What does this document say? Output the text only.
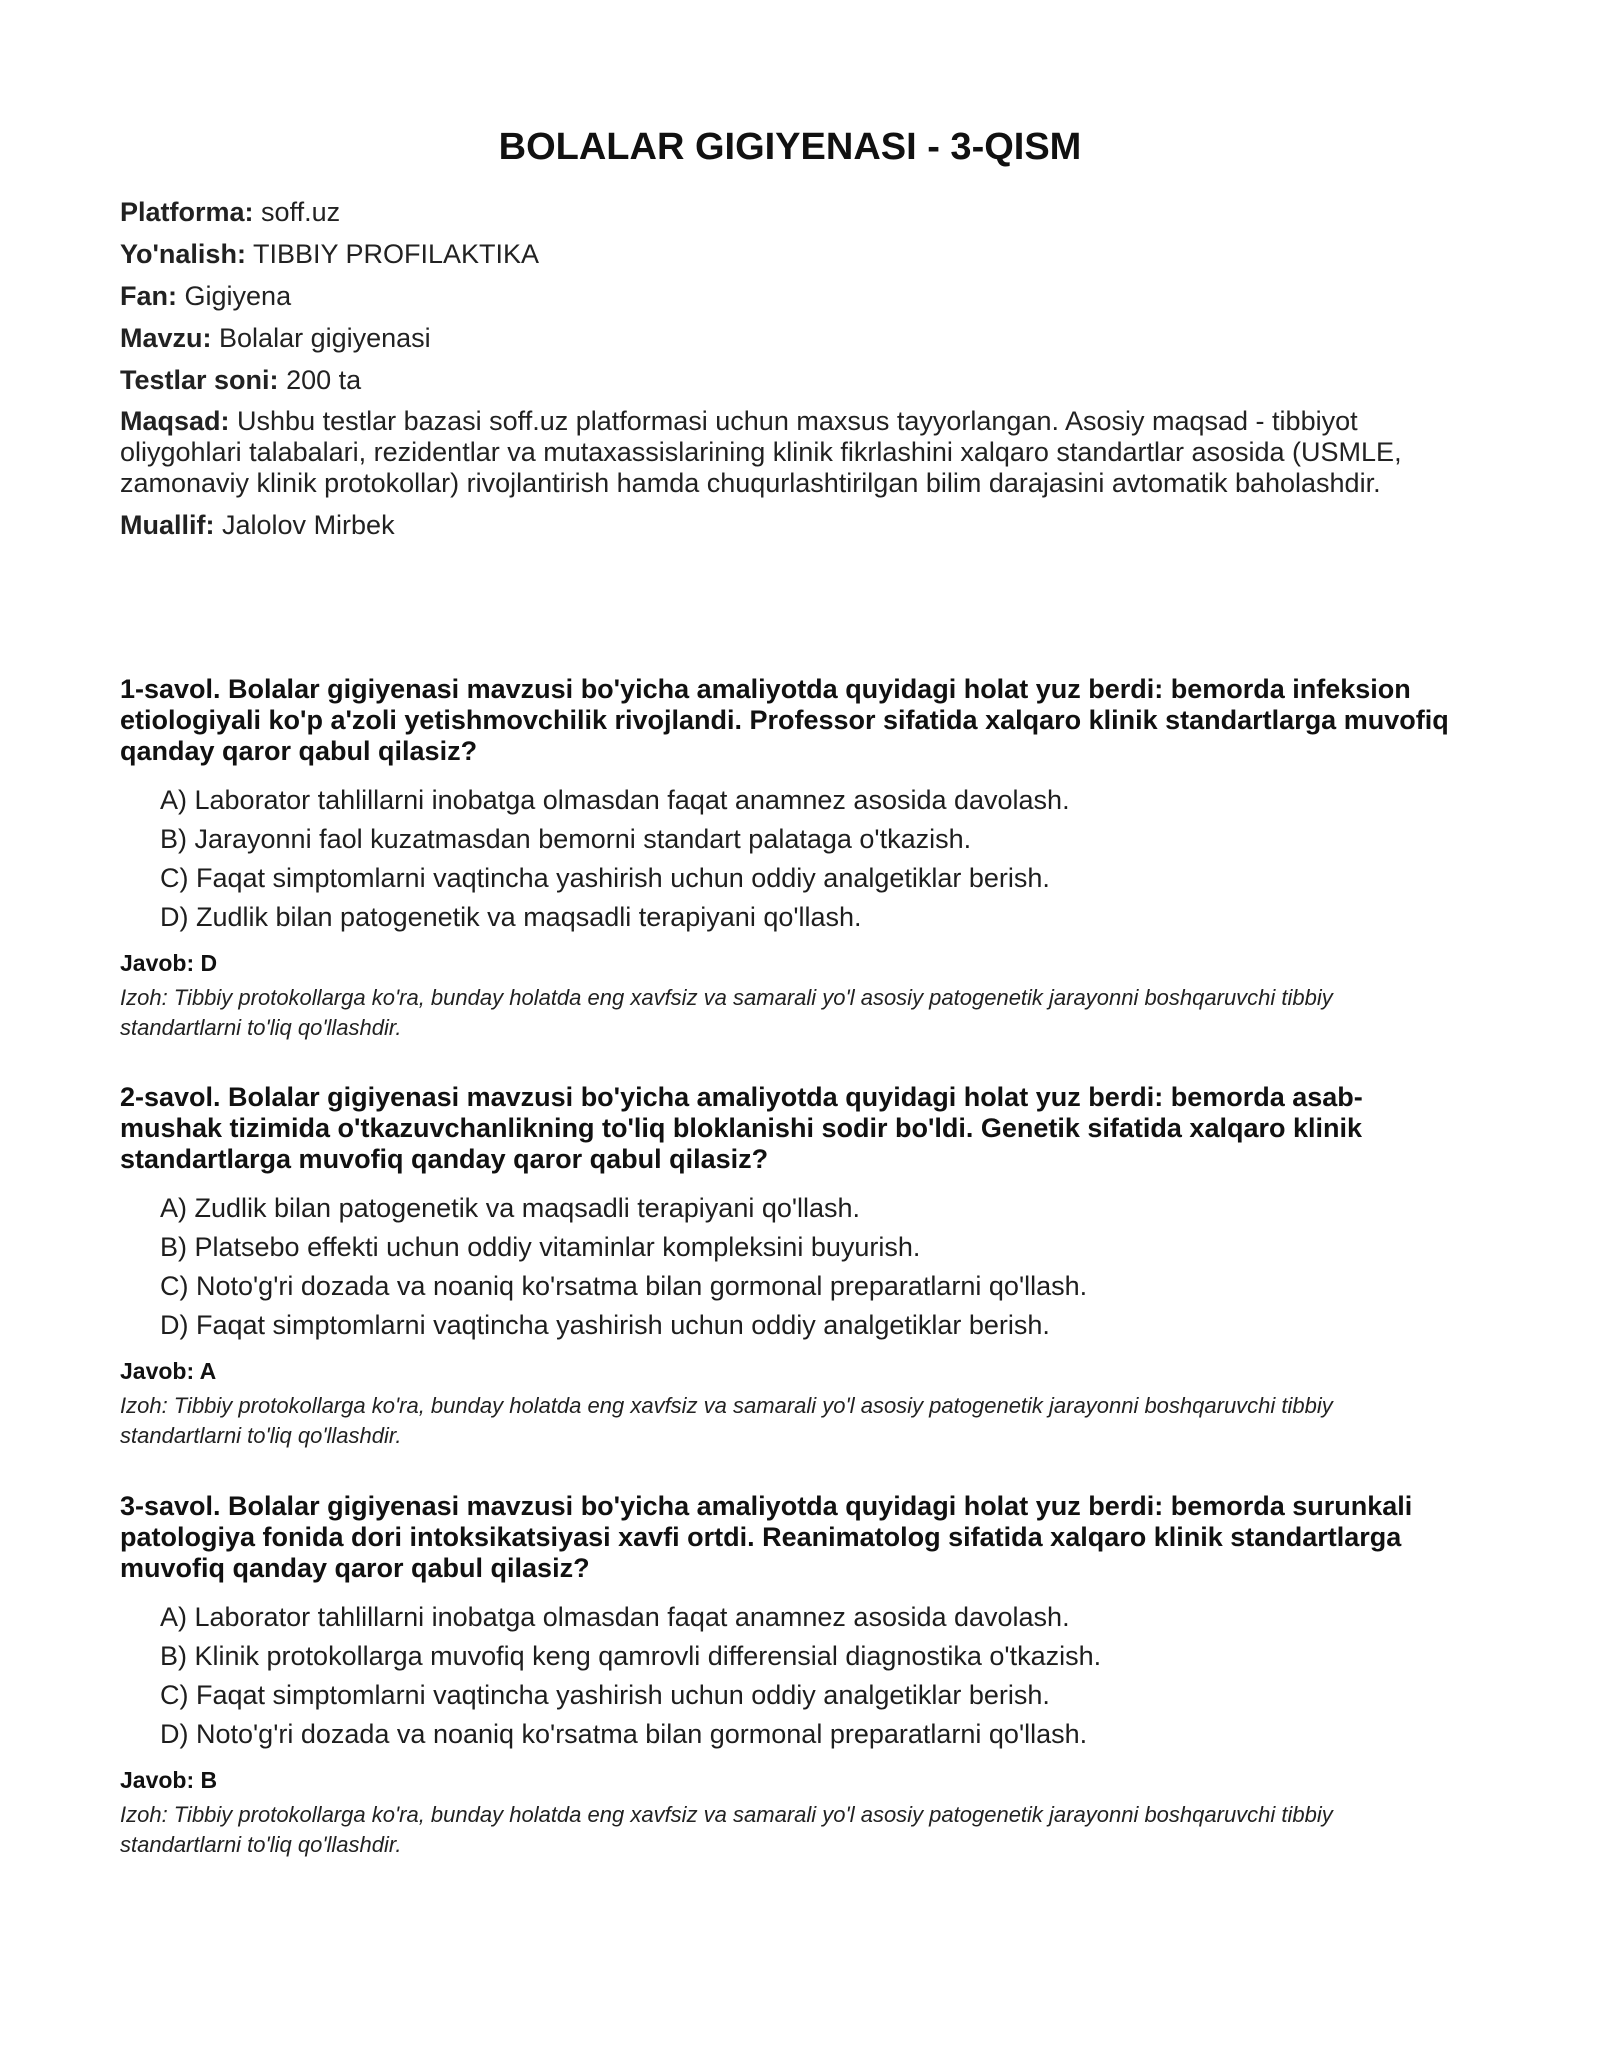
BOLALAR GIGIYENASI - 3-QISM
Platforma: soff.uz
Yo'nalish: TIBBIY PROFILAKTIKA
Fan: Gigiyena
Mavzu: Bolalar gigiyenasi
Testlar soni: 200 ta
Maqsad: Ushbu testlar bazasi soff.uz platformasi uchun maxsus tayyorlangan. Asosiy maqsad - tibbiyot oliygohlari talabalari, rezidentlar va mutaxassislarining klinik fikrlashini xalqaro standartlar asosida (USMLE, zamonaviy klinik protokollar) rivojlantirish hamda chuqurlashtirilgan bilim darajasini avtomatik baholashdir.
Muallif: Jalolov Mirbek
1-savol. Bolalar gigiyenasi mavzusi bo'yicha amaliyotda quyidagi holat yuz berdi: bemorda infeksion etiologiyali ko'p a'zoli yetishmovchilik rivojlandi. Professor sifatida xalqaro klinik standartlarga muvofiq qanday qaror qabul qilasiz?
A) Laborator tahlillarni inobatga olmasdan faqat anamnez asosida davolash.
B) Jarayonni faol kuzatmasdan bemorni standart palataga o'tkazish.
C) Faqat simptomlarni vaqtincha yashirish uchun oddiy analgetiklar berish.
D) Zudlik bilan patogenetik va maqsadli terapiyani qo'llash.
Javob: D
Izoh: Tibbiy protokollarga ko'ra, bunday holatda eng xavfsiz va samarali yo'l asosiy patogenetik jarayonni boshqaruvchi tibbiy standartlarni to'liq qo'llashdir.
2-savol. Bolalar gigiyenasi mavzusi bo'yicha amaliyotda quyidagi holat yuz berdi: bemorda asab-mushak tizimida o'tkazuvchanlikning to'liq bloklanishi sodir bo'ldi. Genetik sifatida xalqaro klinik standartlarga muvofiq qanday qaror qabul qilasiz?
A) Zudlik bilan patogenetik va maqsadli terapiyani qo'llash.
B) Platsebo effekti uchun oddiy vitaminlar kompleksini buyurish.
C) Noto'g'ri dozada va noaniq ko'rsatma bilan gormonal preparatlarni qo'llash.
D) Faqat simptomlarni vaqtincha yashirish uchun oddiy analgetiklar berish.
Javob: A
Izoh: Tibbiy protokollarga ko'ra, bunday holatda eng xavfsiz va samarali yo'l asosiy patogenetik jarayonni boshqaruvchi tibbiy standartlarni to'liq qo'llashdir.
3-savol. Bolalar gigiyenasi mavzusi bo'yicha amaliyotda quyidagi holat yuz berdi: bemorda surunkali patologiya fonida dori intoksikatsiyasi xavfi ortdi. Reanimatolog sifatida xalqaro klinik standartlarga muvofiq qanday qaror qabul qilasiz?
A) Laborator tahlillarni inobatga olmasdan faqat anamnez asosida davolash.
B) Klinik protokollarga muvofiq keng qamrovli differensial diagnostika o'tkazish.
C) Faqat simptomlarni vaqtincha yashirish uchun oddiy analgetiklar berish.
D) Noto'g'ri dozada va noaniq ko'rsatma bilan gormonal preparatlarni qo'llash.
Javob: B
Izoh: Tibbiy protokollarga ko'ra, bunday holatda eng xavfsiz va samarali yo'l asosiy patogenetik jarayonni boshqaruvchi tibbiy standartlarni to'liq qo'llashdir.
